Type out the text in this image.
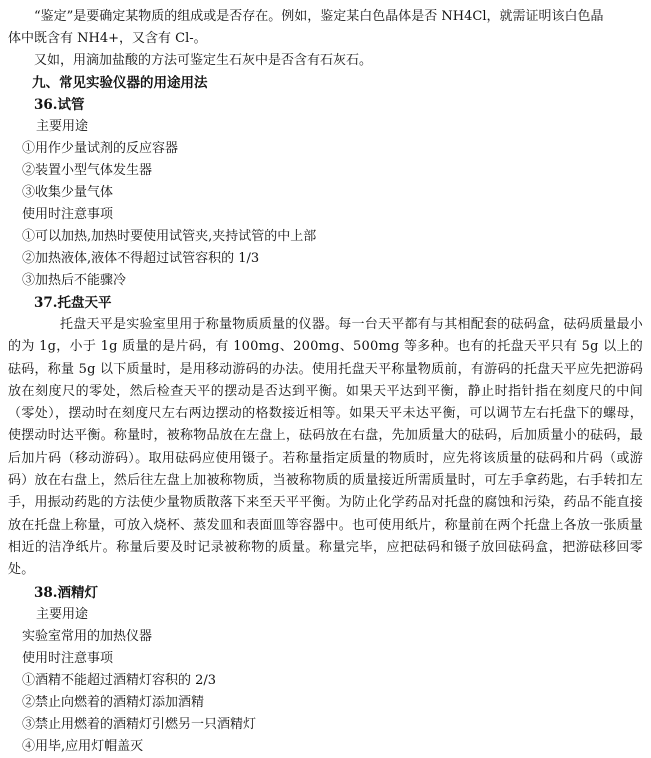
“鉴定”是要确定某物质的组成或是否存在。例如，鉴定某白色晶体是否 NH4Cl，就需证明该白色晶

体中既含有 NH4+，又含有 Cl-。

又如，用滴加盐酸的方法可鉴定生石灰中是否含有石灰石。

九、常见实验仪器的用途用法

36.试管

主要用途

①用作少量试剂的反应容器

②装置小型气体发生器

③收集少量气体

使用时注意事项

①可以加热,加热时要使用试管夹,夹持试管的中上部

②加热液体,液体不得超过试管容积的 1/3

③加热后不能骤冷

37.托盘天平

托盘天平是实验室里用于称量物质质量的仪器。每一台天平都有与其相配套的砝码盒，砝码质量最小的为 1g，小于 1g 质量的是片码，有 100mg、200mg、500mg 等多种。也有的托盘天平只有 5g 以上的砝码，称量 5g 以下质量时，是用移动游码的办法。使用托盘天平称量物质前，有游码的托盘天平应先把游码放在刻度尺的零处，然后检查天平的摆动是否达到平衡。如果天平达到平衡，静止时指针指在刻度尺的中间（零处），摆动时在刻度尺左右两边摆动的格数接近相等。如果天平未达平衡，可以调节左右托盘下的螺母，使摆动时达平衡。称量时，被称物品放在左盘上，砝码放在右盘，先加质量大的砝码，后加质量小的砝码，最后加片码（移动游码）。取用砝码应使用镊子。若称量指定质量的物质时，应先将该质量的砝码和片码（或游码）放在右盘上，然后往左盘上加被称物质，当被称物质的质量接近所需质量时，可左手拿药匙，右手转扣左手，用振动药匙的方法使少量物质散落下来至天平平衡。为防止化学药品对托盘的腐蚀和污染，药品不能直接放在托盘上称量，可放入烧杯、蒸发皿和表面皿等容器中。也可使用纸片，称量前在两个托盘上各放一张质量相近的洁净纸片。称量后要及时记录被称物的质量。称量完毕，应把砝码和镊子放回砝码盒，把游砝移回零处。

38.酒精灯

主要用途

实验室常用的加热仪器

使用时注意事项

①酒精不能超过酒精灯容积的 2/3

②禁止向燃着的酒精灯添加酒精

③禁止用燃着的酒精灯引燃另一只酒精灯

④用毕,应用灯帽盖灭
